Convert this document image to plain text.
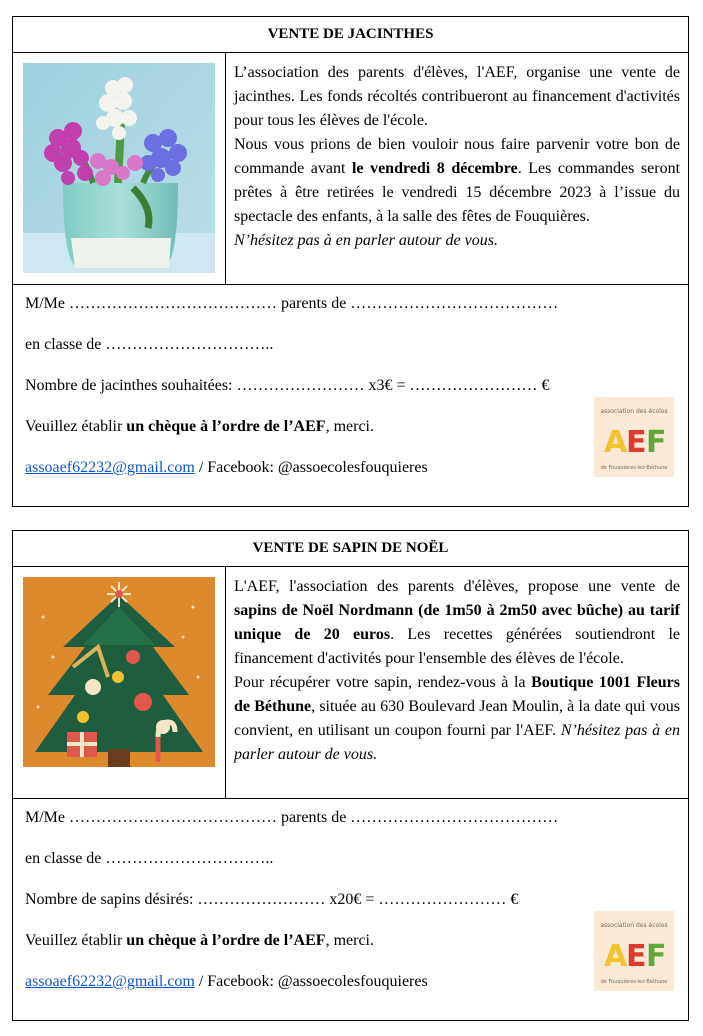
VENTE DE JACINTHES

L’association des parents d'élèves, l'AEF, organise une vente de jacinthes. Les fonds récoltés contribueront au financement d'activités pour tous les élèves de l'école.

Nous vous prions de bien vouloir nous faire parvenir votre bon de commande avant le vendredi 8 décembre. Les commandes seront prêtes à être retirées le vendredi 15 décembre 2023 à l’issue du spectacle des enfants, à la salle des fêtes de Fouquières.

N’hésitez pas à en parler autour de vous.

M/Me ………………………………… parents de …………………………………
en classe de …………………………..
Nombre de jacinthes souhaitées: …………………… x3€ = …………………… €
Veuillez établir un chèque à l’ordre de l’AEF, merci.
assoaef62232@gmail.com / Facebook: @assoecolesfouquieres
association des écoles
A
E F
de Fouquières-lez-Béthune
VENTE DE SAPIN DE NOËL

L'AEF, l'association des parents d'élèves, propose une vente de sapins de Noël Nordmann (de 1m50 à 2m50 avec bûche) au tarif unique de 20 euros. Les recettes générées soutiendront le financement d'activités pour l'ensemble des élèves de l'école.

Pour récupérer votre sapin, rendez-vous à la Boutique 1001 Fleurs de Béthune, située au 630 Boulevard Jean Moulin, à la date qui vous convient, en utilisant un coupon fourni par l'AEF. N’hésitez pas à en parler autour de vous.

M/Me ………………………………… parents de …………………………………
en classe de …………………………..
Nombre de sapins désirés: …………………… x20€ = …………………… €
Veuillez établir un chèque à l’ordre de l’AEF, merci.
assoaef62232@gmail.com / Facebook: @assoecolesfouquieres
association des écoles
A
E F
de Fouquières-lez-Béthune
